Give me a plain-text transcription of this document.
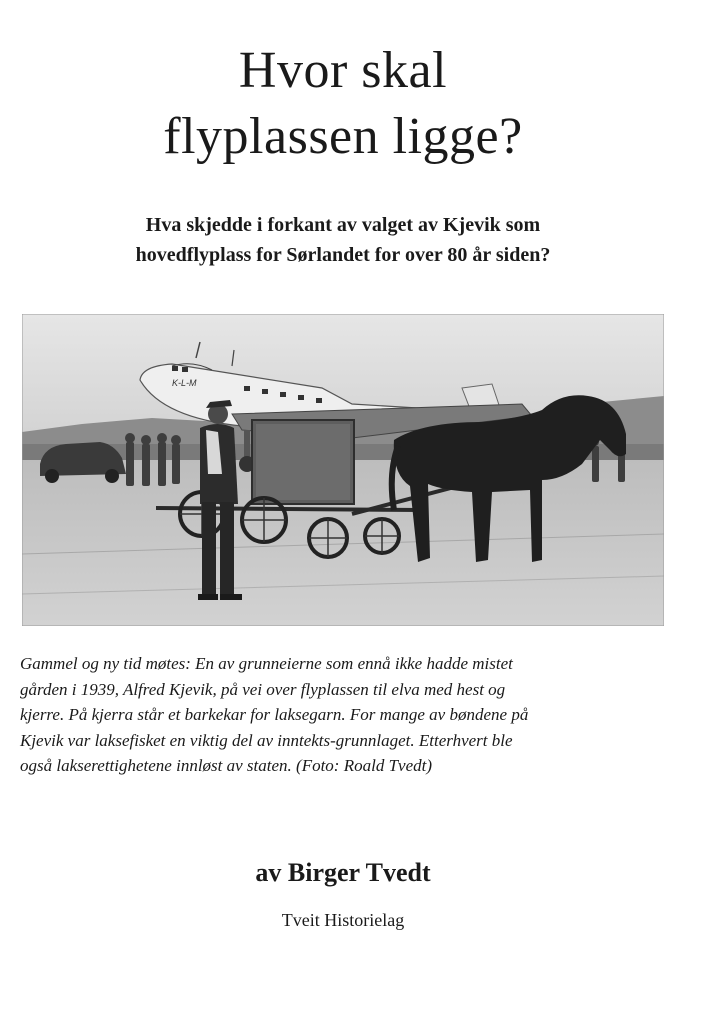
Hvor skal
flyplassen ligge?
Hva skjedde i forkant av valget av Kjevik som
hovedflyplass for Sørlandet for over 80 år siden?
K-L-M

Gammel og ny tid møtes: En av grunneierne som ennå ikke hadde mistet
gården i 1939, Alfred Kjevik, på vei over flyplassen til elva med hest og
kjerre. På kjerra står et barkekar for laksegarn. For mange av bøndene på
Kjevik var laksefisket en viktig del av inntekts-grunnlaget. Etterhvert ble
også lakserettighetene innløst av staten. (Foto: Roald Tvedt)

av Birger Tvedt

Tveit Historielag
